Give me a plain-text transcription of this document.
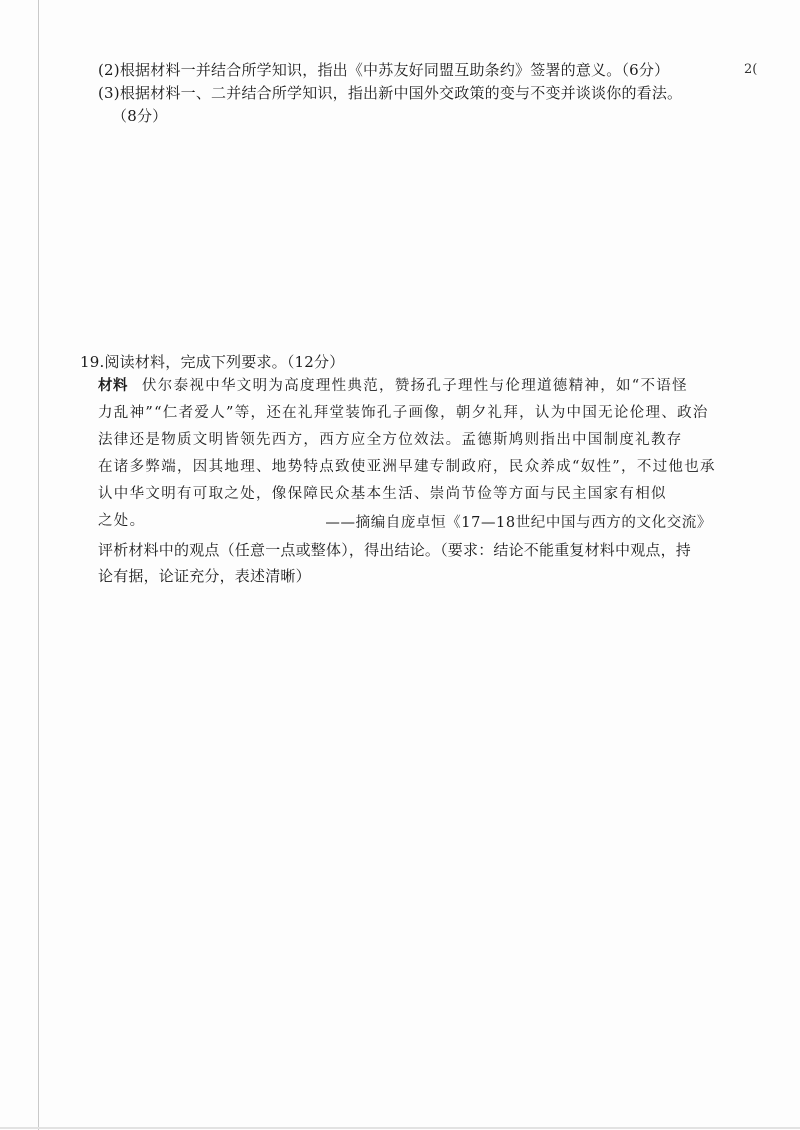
2(
(2)根据材料一并结合所学知识，指出《中苏友好同盟互助条约》签署的意义。（6分）
(3)根据材料一、二并结合所学知识，指出新中国外交政策的变与不变并谈谈你的看法。
（8分）
19.阅读材料，完成下列要求。（12分）
材料 伏尔泰视中华文明为高度理性典范，赞扬孔子理性与伦理道德精神，如“不语怪
力乱神”“仁者爱人”等，还在礼拜堂装饰孔子画像，朝夕礼拜，认为中国无论伦理、政治
法律还是物质文明皆领先西方，西方应全方位效法。孟德斯鸠则指出中国制度礼教存
在诸多弊端，因其地理、地势特点致使亚洲早建专制政府，民众养成“奴性”，不过他也承
认中华文明有可取之处，像保障民众基本生活、崇尚节俭等方面与民主国家有相似
之处。	——摘编自庞卓恒《17—18世纪中国与西方的文化交流》
评析材料中的观点（任意一点或整体），得出结论。（要求：结论不能重复材料中观点，持
论有据，论证充分，表述清晰）
